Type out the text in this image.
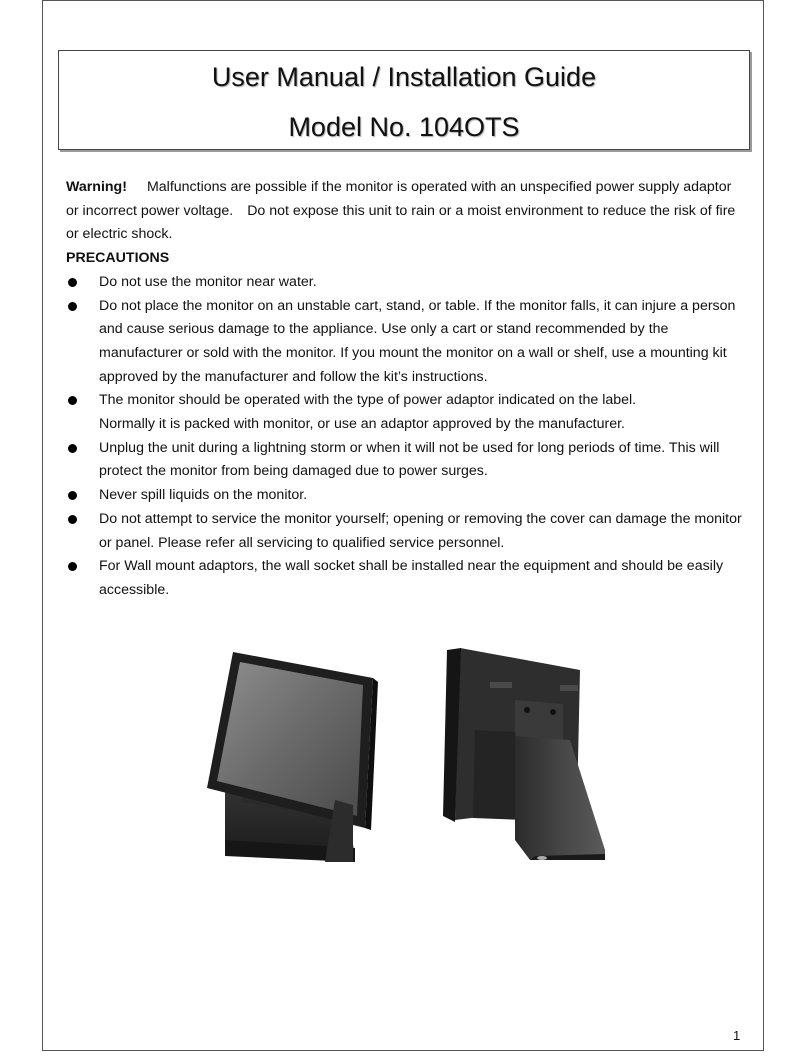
User Manual / Installation Guide
Model No. 104OTS

Warning! Malfunctions are possible if the monitor is operated with an unspecified power supply adaptor or incorrect power voltage. Do not expose this unit to rain or a moist environment to reduce the risk of fire or electric shock.

PRECAUTIONS

Do not use the monitor near water.
Do not place the monitor on an unstable cart, stand, or table. If the monitor falls, it can injure a person and cause serious damage to the appliance. Use only a cart or stand recommended by the manufacturer or sold with the monitor. If you mount the monitor on a wall or shelf, use a mounting kit approved by the manufacturer and follow the kit’s instructions.
The monitor should be operated with the type of power adaptor indicated on the label.
Normally it is packed with monitor, or use an adaptor approved by the manufacturer.
Unplug the unit during a lightning storm or when it will not be used for long periods of time. This will protect the monitor from being damaged due to power surges.
Never spill liquids on the monitor.
Do not attempt to service the monitor yourself; opening or removing the cover can damage the monitor or panel. Please refer all servicing to qualified service personnel.
For Wall mount adaptors, the wall socket shall be installed near the equipment and should be easily accessible.
1
